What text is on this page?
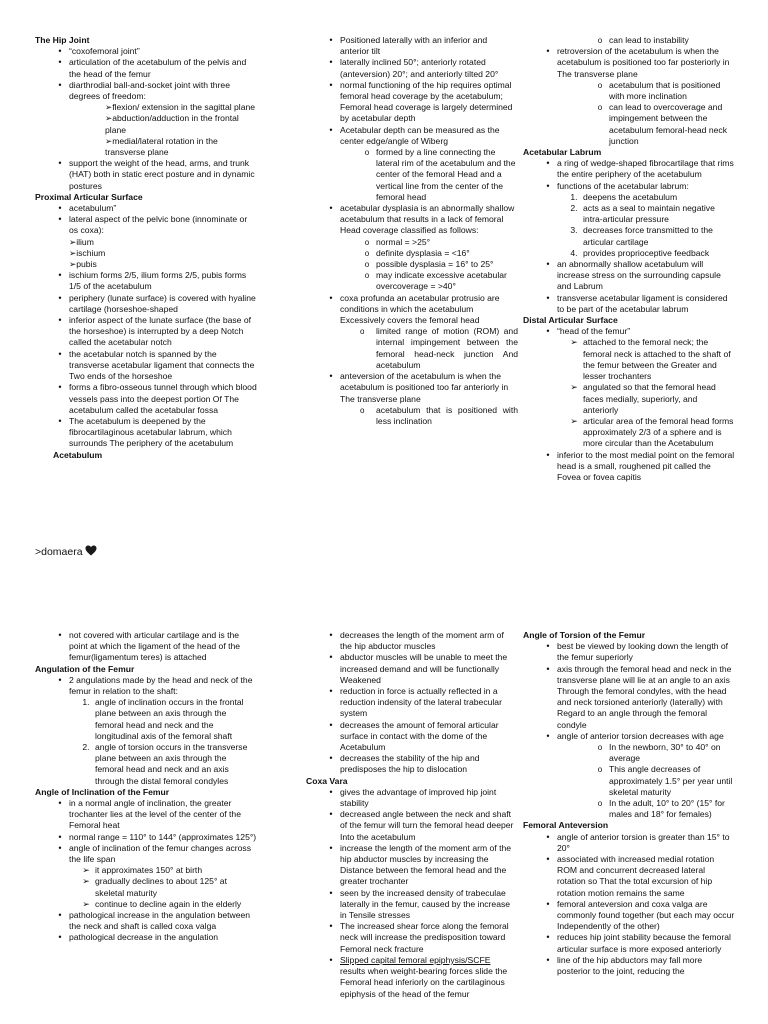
The Hip Joint
• “coxofemoral joint”
• articulation of the acetabulum of the pelvis and the head of the femur
• diarthrodial ball-and-socket joint with three degrees of freedom:
➢flexion/ extension in the sagittal plane
➢abduction/adduction in the frontal plane
➢medial/lateral rotation in the transverse plane
• support the weight of the head, arms, and trunk (HAT) both in static erect posture and in dynamic postures
Proximal Articular Surface
• acetabulum”
• lateral aspect of the pelvic bone (innominate or os coxa):
➢ilium
➢ischium
➢pubis
• ischium forms 2/5, ilium forms 2/5, pubis forms 1/5 of the acetabulum
• periphery (lunate surface) is covered with hyaline cartilage (horseshoe-shaped
• inferior aspect of the lunate surface (the base of the horseshoe) is interrupted by a deep Notch called the acetabular notch
• the acetabular notch is spanned by the transverse acetabular ligament that connects the Two ends of the horseshoe
• forms a fibro-osseous tunnel through which blood vessels pass into the deepest portion Of The acetabulum called the acetabular fossa
• The acetabulum is deepened by the fibrocartilaginous acetabular labrum, which surrounds The periphery of the acetabulum
Acetabulum
• Positioned laterally with an inferior and anterior tilt
• laterally inclined 50°; anteriorly rotated (anteversion) 20°; and anteriorly tilted 20°
• normal functioning of the hip requires optimal femoral head coverage by the acetabulum; Femoral head coverage is largely determined by acetabular depth
• Acetabular depth can be measured as the center edge/angle of Wiberg
o formed by a line connecting the lateral rim of the acetabulum and the center of the femoral Head and a vertical line from the center of the femoral head
• acetabular dysplasia is an abnormally shallow acetabulum that results in a lack of femoral Head coverage classified as follows:
o normal = >25°
o definite dysplasia = <16°
o possible dysplasia = 16° to 25°
o may indicate excessive acetabular overcoverage = >40°
• coxa profunda an acetabular protrusio are conditions in which the acetabulum Excessively covers the femoral head
o	limited range of motion (ROM) and internal impingement between the femoral head-neck junction And acetabulum
• anteversion of the acetabulum is when the acetabulum is positioned too far anteriorly in The transverse plane
o	acetabulum that is positioned with less inclination
o can lead to instability
• retroversion of the acetabulum is when the acetabulum is positioned too far posteriorly in The transverse plane
o acetabulum that is positioned with more inclination
o can lead to overcoverage and impingement between the acetabulum femoral-head neck junction
Acetabular Labrum
• a ring of wedge-shaped fibrocartilage that rims the entire periphery of the acetabulum
• functions of the acetabular labrum:
1. deepens the acetabulum
2. acts as a seal to maintain negative intra-articular pressure
3. decreases force transmitted to the articular cartilage
4. provides proprioceptive feedback
• an abnormally shallow acetabulum will increase stress on the surrounding capsule and Labrum
• transverse acetabular ligament is considered to be part of the acetabular labrum
Distal Articular Surface
• “head of the femur”
➢ attached to the femoral neck; the femoral neck is attached to the shaft of the femur between the Greater and lesser trochanters
➢ angulated so that the femoral head faces medially, superiorly, and anteriorly
➢ articular area of the femoral head forms approximately 2/3 of a sphere and is more circular than the Acetabulum
• inferior to the most medial point on the femoral head is a small, roughened pit called the Fovea or fovea capitis
>domaera
• not covered with articular cartilage and is the point at which the ligament of the head of the femur(ligamentum teres) is attached
Angulation of the Femur
• 2 angulations made by the head and neck of the femur in relation to the shaft:
1. angle of inclination occurs in the frontal plane between an axis through the femoral head and neck and the longitudinal axis of the femoral shaft
2. angle of torsion occurs in the transverse plane between an axis through the femoral head and neck and an axis through the distal femoral condyles
Angle of Inclination of the Femur
• in a normal angle of inclination, the greater trochanter lies at the level of the center of the Femoral heat
• normal range = 110° to 144° (approximates 125°)
• angle of inclination of the femur changes across the life span
➢ it approximates 150° at birth
➢ gradually declines to about 125° at skeletal maturity
➢ continue to decline again in the elderly
• pathological increase in the angulation between the neck and shaft is called coxa valga
• pathological decrease in the angulation
• decreases the length of the moment arm of the hip abductor muscles
• abductor muscles will be unable to meet the increased demand and will be functionally Weakened
• reduction in force is actually reflected in a reduction indensity of the lateral trabecular system
• decreases the amount of femoral articular surface in contact with the dome of the Acetabulum
• decreases the stability of the hip and predisposes the hip to dislocation
Coxa Vara
• gives the advantage of improved hip joint stability
• decreased angle between the neck and shaft of the femur will turn the femoral head deeper Into the acetabulum
• increase the length of the moment arm of the hip abductor muscles by increasing the Distance between the femoral head and the greater trochanter
• seen by the increased density of trabeculae laterally in the femur, caused by the increase in Tensile stresses
• The increased shear force along the femoral neck will increase the predisposition toward Femoral neck fracture
• Slipped capital femoral epiphysis/SCFE results when weight-bearing forces slide the Femoral head inferiorly on the cartilaginous epiphysis of the head of the femur
Angle of Torsion of the Femur
• best be viewed by looking down the length of the femur superiorly
• axis through the femoral head and neck in the transverse plane will lie at an angle to an axis Through the femoral condyles, with the head and neck torsioned anteriorly (laterally) with Regard to an angle through the femoral condyle
• angle of anterior torsion decreases with age
o In the newborn, 30° to 40° on average
o This angle decreases of approximately 1.5° per year until skeletal maturity
o In the adult, 10° to 20° (15° for males and 18° for females)
Femoral Anteversion
• angle of anterior torsion is greater than 15° to 20°
• associated with increased medial rotation ROM and concurrent decreased lateral rotation so That the total excursion of hip rotation motion remains the same
• femoral anteversion and coxa valga are commonly found together (but each may occur Independently of the other)
• reduces hip joint stability because the femoral articular surface is more exposed anteriorly
• line of the hip abductors may fall more posterior to the joint, reducing the
